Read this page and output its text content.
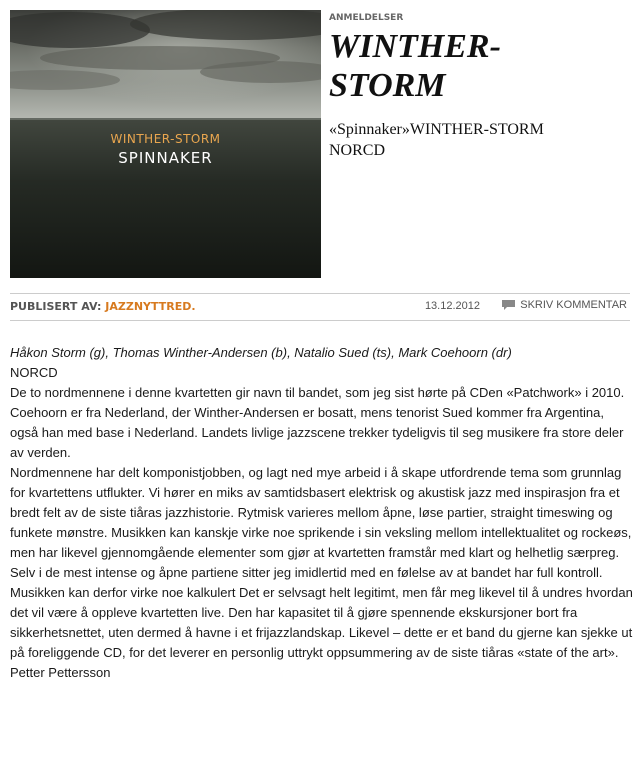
WINTHER-STORM
SPINNAKER
ANMELDELSER
WINTHER-
STORM
«Spinnaker»WINTHER-STORM
NORCD
PUBLISERT AV: JAZZNYTTRED.	13.12.2012	SKRIV KOMMENTAR

Håkon Storm (g), Thomas Winther-Andersen (b), Natalio Sued (ts), Mark Coehoorn (dr)

NORCD

De to nordmennene i denne kvartetten gir navn til bandet, som jeg sist hørte på CDen «Patchwork» i 2010. Coehoorn er fra Nederland, der Winther-Andersen er bosatt, mens tenorist Sued kommer fra Argentina, også han med base i Nederland. Landets livlige jazzscene trekker tydeligvis til seg musikere fra store deler av verden.

Nordmennene har delt komponistjobben, og lagt ned mye arbeid i å skape utfordrende tema som grunnlag for kvartettens utflukter. Vi hører en miks av samtidsbasert elektrisk og akustisk jazz med inspirasjon fra et bredt felt av de siste tiåras jazzhistorie. Rytmisk varieres mellom åpne, løse partier, straight timeswing og funkete mønstre. Musikken kan kanskje virke noe sprikende i sin veksling mellom intellektualitet og rockeøs, men har likevel gjennomgående elementer som gjør at kvartetten framstår med klart og helhetlig særpreg. Selv i de mest intense og åpne partiene sitter jeg imidlertid med en følelse av at bandet har full kontroll. Musikken kan derfor virke noe kalkulert Det er selvsagt helt legitimt, men får meg likevel til å undres hvordan det vil være å oppleve kvartetten live. Den har kapasitet til å gjøre spennende ekskursjoner bort fra sikkerhetsnettet, uten dermed å havne i et frijazzlandskap. Likevel – dette er et band du gjerne kan sjekke ut på foreliggende CD, for det leverer en personlig uttrykt oppsummering av de siste tiåras «state of the art».

Petter Pettersson
